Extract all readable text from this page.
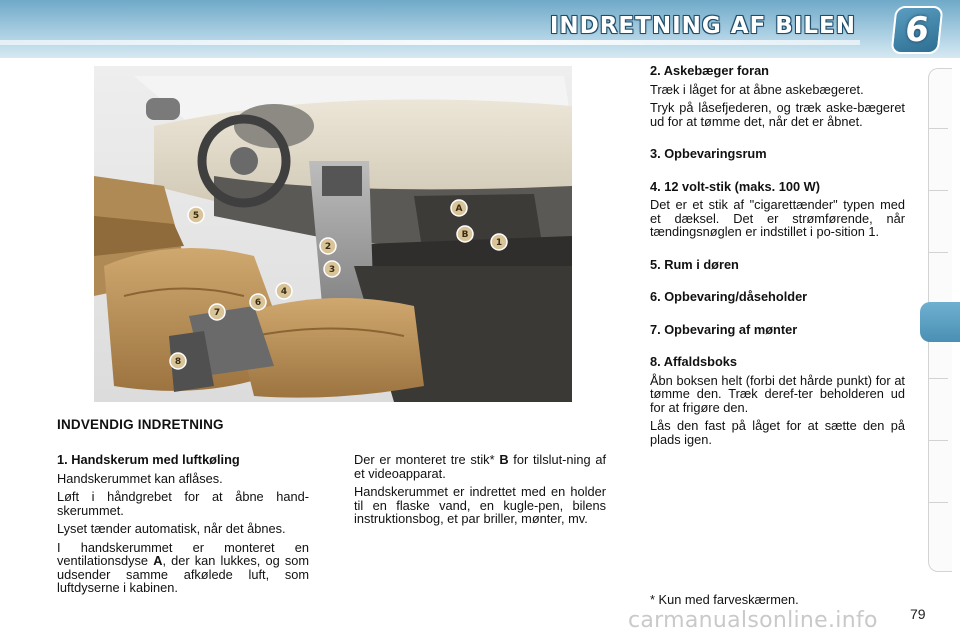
INDRETNING AF BILEN	6
A
B
1
2
3
4
5
6
7
8
INDVENDIG INDRETNING
1. Handskerum med luftkøling

Handskerummet kan aflåses.

Løft i håndgrebet for at åbne hand-skerummet.

Lyset tænder automatisk, når det åbnes.

I handskerummet er monteret en ventilationsdyse A, der kan lukkes, og som udsender samme afkølede luft, som luftdyserne i kabinen.

Der er monteret tre stik* B for tilslut-ning af et videoapparat.

Handskerummet er indrettet med en holder til en flaske vand, en kugle-pen, bilens instruktionsbog, et par briller, mønter, mv.

2. Askebæger foran

Træk i låget for at åbne askebægeret.

Tryk på låsefjederen, og træk aske-bægeret ud for at tømme det, når det er åbnet.

3. Opbevaringsrum
4. 12 volt-stik (maks. 100 W)

Det er et stik af "cigarettænder" typen med et dæksel. Det er strømførende, når tændingsnøglen er indstillet i po-sition 1.

5. Rum i døren
6. Opbevaring/dåseholder
7. Opbevaring af mønter
8. Affaldsboks

Åbn boksen helt (forbi det hårde punkt) for at tømme den. Træk deref-ter beholderen ud for at frigøre den.

Lås den fast på låget for at sætte den på plads igen.

* Kun med farveskærmen.
carmanualsonline.info 79
